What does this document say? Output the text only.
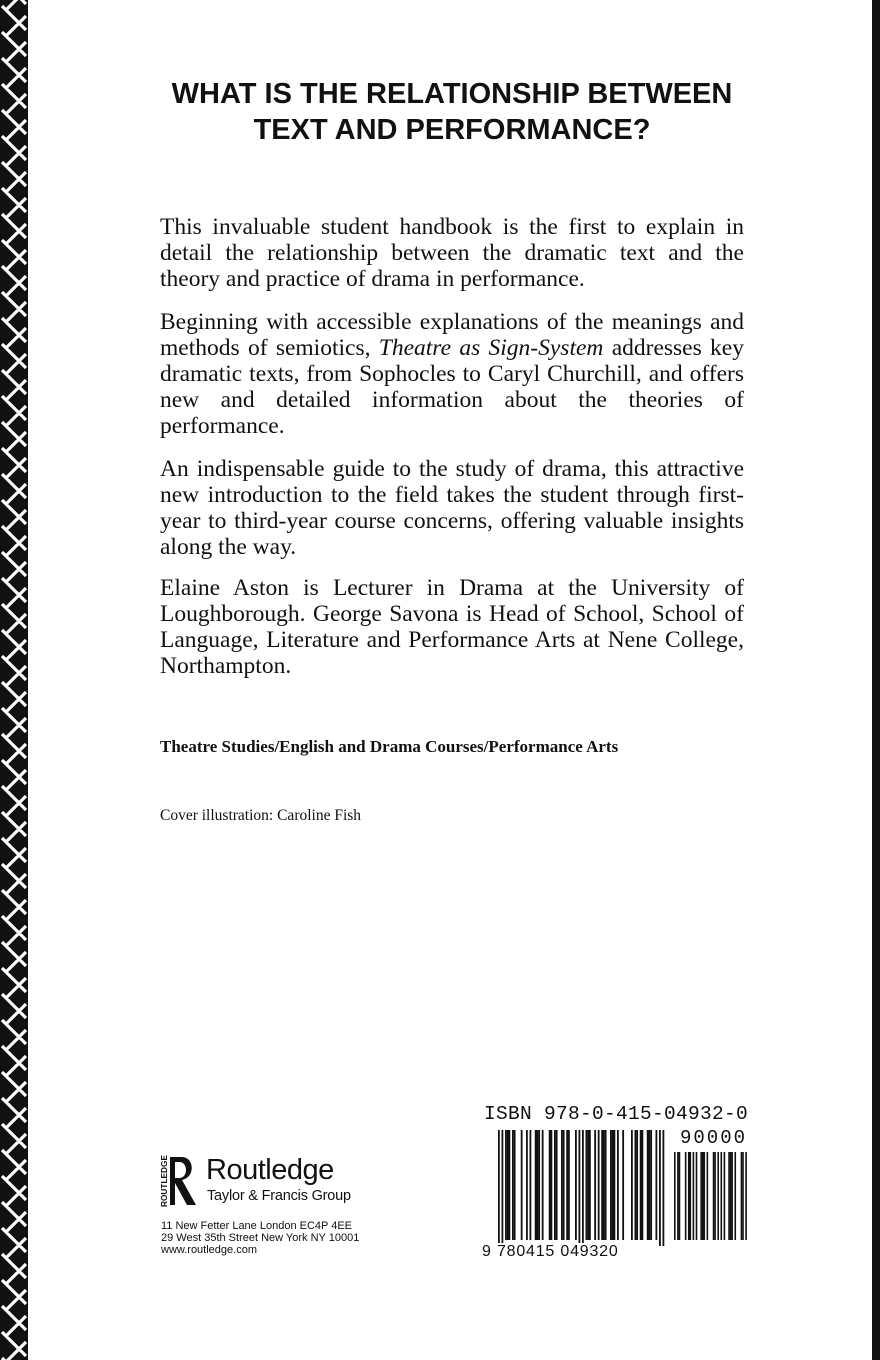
WHAT IS THE RELATIONSHIP BETWEEN TEXT AND PERFORMANCE?

This invaluable student handbook is the first to explain in detail the relationship between the dramatic text and the theory and practice of drama in performance.

Beginning with accessible explanations of the meanings and methods of semiotics, Theatre as Sign-System addresses key dramatic texts, from Sophocles to Caryl Churchill, and offers new and detailed information about the theories of performance.

An indispensable guide to the study of drama, this attractive new introduction to the field takes the student through first-year to third-year course concerns, offering valuable insights along the way.

Elaine Aston is Lecturer in Drama at the University of Loughborough. George Savona is Head of School, School of Language, Literature and Performance Arts at Nene College, Northampton.

Theatre Studies/English and Drama Courses/Performance Arts
Cover illustration: Caroline Fish
ROUTLEDGE Routledge
Taylor & Francis Group
11 New Fetter Lane London EC4P 4EE
29 West 35th Street New York NY 10001
www.routledge.com
ISBN 978-0-415-04932-0
90000
9 780415 049320
